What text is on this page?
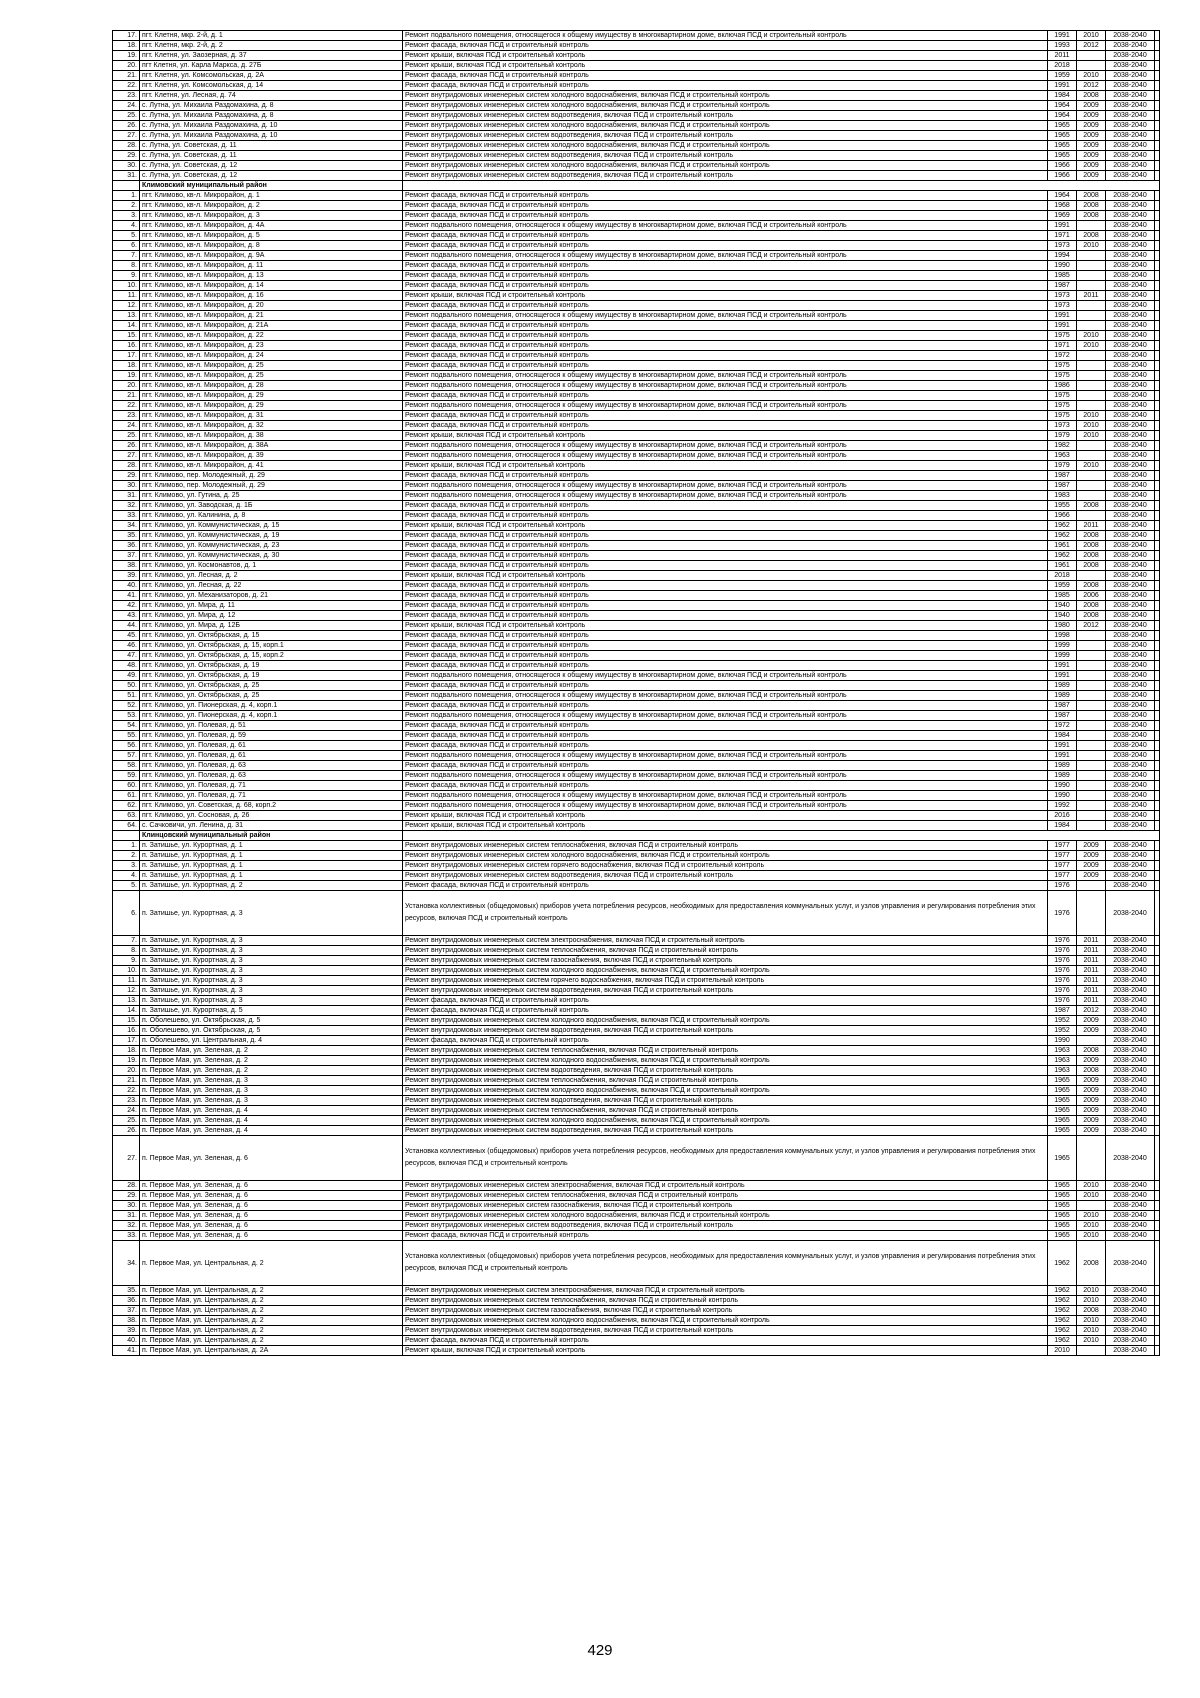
17.	пгт. Клетня, мкр. 2-й, д. 1	Ремонт подвального помещения, относящегося к общему имуществу в многоквартирном доме, включая ПСД и строительный контроль	1991	2010	2038-2040	
18.	пгт. Клетня, мкр. 2-й, д. 2	Ремонт фасада, включая ПСД и строительный контроль	1993	2012	2038-2040	
19.	пгт. Клетня, ул. Заозерная, д. 37	Ремонт крыши, включая ПСД и строительный контроль	2011		2038-2040	
20.	пгт Клетня, ул. Карла Маркса, д. 27Б	Ремонт крыши, включая ПСД и строительный контроль	2018		2038-2040	
21.	пгт. Клетня, ул. Комсомольская, д. 2А	Ремонт фасада, включая ПСД и строительный контроль	1959	2010	2038-2040	
22.	пгт. Клетня, ул. Комсомольская, д. 14	Ремонт фасада, включая ПСД и строительный контроль	1991	2012	2038-2040	
23.	пгт. Клетня, ул. Лесная, д. 74	Ремонт внутридомовых инженерных систем холодного водоснабжения, включая ПСД и строительный контроль	1984	2008	2038-2040	
24.	с. Лутна, ул. Михаила Раздомахина, д. 8	Ремонт внутридомовых инженерных систем холодного водоснабжения, включая ПСД и строительный контроль	1964	2009	2038-2040	
25.	с. Лутна, ул. Михаила Раздомахина, д. 8	Ремонт внутридомовых инженерных систем водоотведения, включая ПСД и строительный контроль	1964	2009	2038-2040	
26.	с. Лутна, ул. Михаила Раздомахина, д. 10	Ремонт внутридомовых инженерных систем холодного водоснабжения, включая ПСД и строительный контроль	1965	2009	2038-2040	
27.	с. Лутна, ул. Михаила Раздомахина, д. 10	Ремонт внутридомовых инженерных систем водоотведения, включая ПСД и строительный контроль	1965	2009	2038-2040	
28.	с. Лутна, ул. Советская, д. 11	Ремонт внутридомовых инженерных систем холодного водоснабжения, включая ПСД и строительный контроль	1965	2009	2038-2040	
29.	с. Лутна, ул. Советская, д. 11	Ремонт внутридомовых инженерных систем водоотведения, включая ПСД и строительный контроль	1965	2009	2038-2040	
30.	с. Лутна, ул. Советская, д. 12	Ремонт внутридомовых инженерных систем холодного водоснабжения, включая ПСД и строительный контроль	1966	2009	2038-2040	
31.	с. Лутна, ул. Советская, д. 12	Ремонт внутридомовых инженерных систем водоотведения, включая ПСД и строительный контроль	1966	2009	2038-2040	
	Климовский муниципальный район					
1.	пгт. Климово, кв-л. Микрорайон, д. 1	Ремонт фасада, включая ПСД и строительный контроль	1964	2008	2038-2040	
2.	пгт. Климово, кв-л. Микрорайон, д. 2	Ремонт фасада, включая ПСД и строительный контроль	1968	2008	2038-2040	
3.	пгт. Климово, кв-л. Микрорайон, д. 3	Ремонт фасада, включая ПСД и строительный контроль	1969	2008	2038-2040	
4.	пгт. Климово, кв-л. Микрорайон, д. 4А	Ремонт подвального помещения, относящегося к общему имуществу в многоквартирном доме, включая ПСД и строительный контроль	1991		2038-2040	
5.	пгт. Климово, кв-л. Микрорайон, д. 5	Ремонт фасада, включая ПСД и строительный контроль	1971	2008	2038-2040	
6.	пгт. Климово, кв-л. Микрорайон, д. 8	Ремонт фасада, включая ПСД и строительный контроль	1973	2010	2038-2040	
7.	пгт. Климово, кв-л. Микрорайон, д. 9А	Ремонт подвального помещения, относящегося к общему имуществу в многоквартирном доме, включая ПСД и строительный контроль	1994		2038-2040	
8.	пгт. Климово, кв-л. Микрорайон, д. 11	Ремонт фасада, включая ПСД и строительный контроль	1990		2038-2040	
9.	пгт. Климово, кв-л. Микрорайон, д. 13	Ремонт фасада, включая ПСД и строительный контроль	1985		2038-2040	
10.	пгт. Климово, кв-л. Микрорайон, д. 14	Ремонт фасада, включая ПСД и строительный контроль	1987		2038-2040	
11.	пгт. Климово, кв-л. Микрорайон, д. 16	Ремонт крыши, включая ПСД и строительный контроль	1973	2011	2038-2040	
12.	пгт. Климово, кв-л. Микрорайон, д. 20	Ремонт фасада, включая ПСД и строительный контроль	1973		2038-2040	
13.	пгт. Климово, кв-л. Микрорайон, д. 21	Ремонт подвального помещения, относящегося к общему имуществу в многоквартирном доме, включая ПСД и строительный контроль	1991		2038-2040	
14.	пгт. Климово, кв-л. Микрорайон, д. 21А	Ремонт фасада, включая ПСД и строительный контроль	1991		2038-2040	
15.	пгт. Климово, кв-л. Микрорайон, д. 22	Ремонт фасада, включая ПСД и строительный контроль	1975	2010	2038-2040	
16.	пгт. Климово, кв-л. Микрорайон, д. 23	Ремонт фасада, включая ПСД и строительный контроль	1971	2010	2038-2040	
17.	пгт. Климово, кв-л. Микрорайон, д. 24	Ремонт фасада, включая ПСД и строительный контроль	1972		2038-2040	
18.	пгт. Климово, кв-л. Микрорайон, д. 25	Ремонт фасада, включая ПСД и строительный контроль	1975		2038-2040	
19.	пгт. Климово, кв-л. Микрорайон, д. 25	Ремонт подвального помещения, относящегося к общему имуществу в многоквартирном доме, включая ПСД и строительный контроль	1975		2038-2040	
20.	пгт. Климово, кв-л. Микрорайон, д. 28	Ремонт подвального помещения, относящегося к общему имуществу в многоквартирном доме, включая ПСД и строительный контроль	1986		2038-2040	
21.	пгт. Климово, кв-л. Микрорайон, д. 29	Ремонт фасада, включая ПСД и строительный контроль	1975		2038-2040	
22.	пгт. Климово, кв-л. Микрорайон, д. 29	Ремонт подвального помещения, относящегося к общему имуществу в многоквартирном доме, включая ПСД и строительный контроль	1975		2038-2040	
23.	пгт. Климово, кв-л. Микрорайон, д. 31	Ремонт фасада, включая ПСД и строительный контроль	1975	2010	2038-2040	
24.	пгт. Климово, кв-л. Микрорайон, д. 32	Ремонт фасада, включая ПСД и строительный контроль	1973	2010	2038-2040	
25.	пгт. Климово, кв-л. Микрорайон, д. 38	Ремонт крыши, включая ПСД и строительный контроль	1979	2010	2038-2040	
26.	пгт. Климово, кв-л. Микрорайон, д. 38А	Ремонт подвального помещения, относящегося к общему имуществу в многоквартирном доме, включая ПСД и строительный контроль	1982		2038-2040	
27.	пгт. Климово, кв-л. Микрорайон, д. 39	Ремонт подвального помещения, относящегося к общему имуществу в многоквартирном доме, включая ПСД и строительный контроль	1963		2038-2040	
28.	пгт. Климово, кв-л. Микрорайон, д. 41	Ремонт крыши, включая ПСД и строительный контроль	1979	2010	2038-2040	
29.	пгт. Климово, пер. Молодежный, д. 29	Ремонт фасада, включая ПСД и строительный контроль	1987		2038-2040	
30.	пгт. Климово, пер. Молодежный, д. 29	Ремонт подвального помещения, относящегося к общему имуществу в многоквартирном доме, включая ПСД и строительный контроль	1987		2038-2040	
31.	пгт. Климово, ул. Гутина, д. 25	Ремонт подвального помещения, относящегося к общему имуществу в многоквартирном доме, включая ПСД и строительный контроль	1983		2038-2040	
32.	пгт. Климово, ул. Заводская, д. 1Б	Ремонт фасада, включая ПСД и строительный контроль	1955	2008	2038-2040	
33.	пгт. Климово, ул. Калинина, д. 8	Ремонт фасада, включая ПСД и строительный контроль	1966		2038-2040	
34.	пгт. Климово, ул. Коммунистическая, д. 15	Ремонт крыши, включая ПСД и строительный контроль	1962	2011	2038-2040	
35.	пгт. Климово, ул. Коммунистическая, д. 19	Ремонт фасада, включая ПСД и строительный контроль	1962	2008	2038-2040	
36.	пгт. Климово, ул. Коммунистическая, д. 23	Ремонт фасада, включая ПСД и строительный контроль	1961	2008	2038-2040	
37.	пгт. Климово, ул. Коммунистическая, д. 30	Ремонт фасада, включая ПСД и строительный контроль	1962	2008	2038-2040	
38.	пгт. Климово, ул. Космонавтов, д. 1	Ремонт фасада, включая ПСД и строительный контроль	1961	2008	2038-2040	
39.	пгт. Климово, ул. Лесная, д. 2	Ремонт крыши, включая ПСД и строительный контроль	2018		2038-2040	
40.	пгт. Климово, ул. Лесная, д. 22	Ремонт фасада, включая ПСД и строительный контроль	1959	2008	2038-2040	
41.	пгт. Климово, ул. Механизаторов, д. 21	Ремонт фасада, включая ПСД и строительный контроль	1985	2006	2038-2040	
42.	пгт. Климово, ул. Мира, д. 11	Ремонт фасада, включая ПСД и строительный контроль	1940	2008	2038-2040	
43.	пгт. Климово, ул. Мира, д. 12	Ремонт фасада, включая ПСД и строительный контроль	1940	2008	2038-2040	
44.	пгт. Климово, ул. Мира, д. 12Б	Ремонт крыши, включая ПСД и строительный контроль	1980	2012	2038-2040	
45.	пгт. Климово, ул. Октябрьская, д. 15	Ремонт фасада, включая ПСД и строительный контроль	1998		2038-2040	
46.	пгт. Климово, ул. Октябрьская, д. 15, корп.1	Ремонт фасада, включая ПСД и строительный контроль	1999		2038-2040	
47.	пгт. Климово, ул. Октябрьская, д. 15, корп.2	Ремонт фасада, включая ПСД и строительный контроль	1999		2038-2040	
48.	пгт. Климово, ул. Октябрьская, д. 19	Ремонт фасада, включая ПСД и строительный контроль	1991		2038-2040	
49.	пгт. Климово, ул. Октябрьская, д. 19	Ремонт подвального помещения, относящегося к общему имуществу в многоквартирном доме, включая ПСД и строительный контроль	1991		2038-2040	
50.	пгт. Климово, ул. Октябрьская, д. 25	Ремонт фасада, включая ПСД и строительный контроль	1989		2038-2040	
51.	пгт. Климово, ул. Октябрьская, д. 25	Ремонт подвального помещения, относящегося к общему имуществу в многоквартирном доме, включая ПСД и строительный контроль	1989		2038-2040	
52.	пгт. Климово, ул. Пионерская, д. 4, корп.1	Ремонт фасада, включая ПСД и строительный контроль	1987		2038-2040	
53.	пгт. Климово, ул. Пионерская, д. 4, корп.1	Ремонт подвального помещения, относящегося к общему имуществу в многоквартирном доме, включая ПСД и строительный контроль	1987		2038-2040	
54.	пгт. Климово, ул. Полевая, д. 51	Ремонт фасада, включая ПСД и строительный контроль	1972		2038-2040	
55.	пгт. Климово, ул. Полевая, д. 59	Ремонт фасада, включая ПСД и строительный контроль	1984		2038-2040	
56.	пгт. Климово, ул. Полевая, д. 61	Ремонт фасада, включая ПСД и строительный контроль	1991		2038-2040	
57.	пгт. Климово, ул. Полевая, д. 61	Ремонт подвального помещения, относящегося к общему имуществу в многоквартирном доме, включая ПСД и строительный контроль	1991		2038-2040	
58.	пгт. Климово, ул. Полевая, д. 63	Ремонт фасада, включая ПСД и строительный контроль	1989		2038-2040	
59.	пгт. Климово, ул. Полевая, д. 63	Ремонт подвального помещения, относящегося к общему имуществу в многоквартирном доме, включая ПСД и строительный контроль	1989		2038-2040	
60.	пгт. Климово, ул. Полевая, д. 71	Ремонт фасада, включая ПСД и строительный контроль	1990		2038-2040	
61.	пгт. Климово, ул. Полевая, д. 71	Ремонт подвального помещения, относящегося к общему имуществу в многоквартирном доме, включая ПСД и строительный контроль	1990		2038-2040	
62.	пгт. Климово, ул. Советская, д. 68, корп.2	Ремонт подвального помещения, относящегося к общему имуществу в многоквартирном доме, включая ПСД и строительный контроль	1992		2038-2040	
63.	пгт. Климово, ул. Сосновая, д. 26	Ремонт крыши, включая ПСД и строительный контроль	2016		2038-2040	
64.	с. Сачковичи, ул. Ленина, д. 31	Ремонт крыши, включая ПСД и строительный контроль	1984		2038-2040	
	Клинцовский муниципальный район					
1.	п. Затишье, ул. Курортная, д. 1	Ремонт внутридомовых инженерных систем теплоснабжения, включая ПСД и строительный контроль	1977	2009	2038-2040	
2.	п. Затишье, ул. Курортная, д. 1	Ремонт внутридомовых инженерных систем холодного водоснабжения, включая ПСД и строительный контроль	1977	2009	2038-2040	
3.	п. Затишье, ул. Курортная, д. 1	Ремонт внутридомовых инженерных систем горячего водоснабжения, включая ПСД и строительный контроль	1977	2009	2038-2040	
4.	п. Затишье, ул. Курортная, д. 1	Ремонт внутридомовых инженерных систем водоотведения, включая ПСД и строительный контроль	1977	2009	2038-2040	
5.	п. Затишье, ул. Курортная, д. 2	Ремонт фасада, включая ПСД и строительный контроль	1976		2038-2040	
6.	п. Затишье, ул. Курортная, д. 3	Установка коллективных (общедомовых) приборов учета потребления ресурсов, необходимых для предоставления коммунальных услуг, и узлов управления и регулирования потребления этих ресурсов, включая ПСД и строительный контроль	1976		2038-2040	
7.	п. Затишье, ул. Курортная, д. 3	Ремонт внутридомовых инженерных систем электроснабжения, включая ПСД и строительный контроль	1976	2011	2038-2040	
8.	п. Затишье, ул. Курортная, д. 3	Ремонт внутридомовых инженерных систем теплоснабжения, включая ПСД и строительный контроль	1976	2011	2038-2040	
9.	п. Затишье, ул. Курортная, д. 3	Ремонт внутридомовых инженерных систем газоснабжения, включая ПСД и строительный контроль	1976	2011	2038-2040	
10.	п. Затишье, ул. Курортная, д. 3	Ремонт внутридомовых инженерных систем холодного водоснабжения, включая ПСД и строительный контроль	1976	2011	2038-2040	
11.	п. Затишье, ул. Курортная, д. 3	Ремонт внутридомовых инженерных систем горячего водоснабжения, включая ПСД и строительный контроль	1976	2011	2038-2040	
12.	п. Затишье, ул. Курортная, д. 3	Ремонт внутридомовых инженерных систем водоотведения, включая ПСД и строительный контроль	1976	2011	2038-2040	
13.	п. Затишье, ул. Курортная, д. 3	Ремонт фасада, включая ПСД и строительный контроль	1976	2011	2038-2040	
14.	п. Затишье, ул. Курортная, д. 5	Ремонт фасада, включая ПСД и строительный контроль	1987	2012	2038-2040	
15.	п. Оболешево, ул. Октябрьская, д. 5	Ремонт внутридомовых инженерных систем холодного водоснабжения, включая ПСД и строительный контроль	1952	2009	2038-2040	
16.	п. Оболешево, ул. Октябрьская, д. 5	Ремонт внутридомовых инженерных систем водоотведения, включая ПСД и строительный контроль	1952	2009	2038-2040	
17.	п. Оболешево, ул. Центральная, д. 4	Ремонт фасада, включая ПСД и строительный контроль	1990		2038-2040	
18.	п. Первое Мая, ул. Зеленая, д. 2	Ремонт внутридомовых инженерных систем теплоснабжения, включая ПСД и строительный контроль	1963	2008	2038-2040	
19.	п. Первое Мая, ул. Зеленая, д. 2	Ремонт внутридомовых инженерных систем холодного водоснабжения, включая ПСД и строительный контроль	1963	2009	2038-2040	
20.	п. Первое Мая, ул. Зеленая, д. 2	Ремонт внутридомовых инженерных систем водоотведения, включая ПСД и строительный контроль	1963	2008	2038-2040	
21.	п. Первое Мая, ул. Зеленая, д. 3	Ремонт внутридомовых инженерных систем теплоснабжения, включая ПСД и строительный контроль	1965	2009	2038-2040	
22.	п. Первое Мая, ул. Зеленая, д. 3	Ремонт внутридомовых инженерных систем холодного водоснабжения, включая ПСД и строительный контроль	1965	2009	2038-2040	
23.	п. Первое Мая, ул. Зеленая, д. 3	Ремонт внутридомовых инженерных систем водоотведения, включая ПСД и строительный контроль	1965	2009	2038-2040	
24.	п. Первое Мая, ул. Зеленая, д. 4	Ремонт внутридомовых инженерных систем теплоснабжения, включая ПСД и строительный контроль	1965	2009	2038-2040	
25.	п. Первое Мая, ул. Зеленая, д. 4	Ремонт внутридомовых инженерных систем холодного водоснабжения, включая ПСД и строительный контроль	1965	2009	2038-2040	
26.	п. Первое Мая, ул. Зеленая, д. 4	Ремонт внутридомовых инженерных систем водоотведения, включая ПСД и строительный контроль	1965	2009	2038-2040	
27.	п. Первое Мая, ул. Зеленая, д. 6	Установка коллективных (общедомовых) приборов учета потребления ресурсов, необходимых для предоставления коммунальных услуг, и узлов управления и регулирования потребления этих ресурсов, включая ПСД и строительный контроль	1965		2038-2040	
28.	п. Первое Мая, ул. Зеленая, д. 6	Ремонт внутридомовых инженерных систем электроснабжения, включая ПСД и строительный контроль	1965	2010	2038-2040	
29.	п. Первое Мая, ул. Зеленая, д. 6	Ремонт внутридомовых инженерных систем теплоснабжения, включая ПСД и строительный контроль	1965	2010	2038-2040	
30.	п. Первое Мая, ул. Зеленая, д. 6	Ремонт внутридомовых инженерных систем газоснабжения, включая ПСД и строительный контроль	1965		2038-2040	
31.	п. Первое Мая, ул. Зеленая, д. 6	Ремонт внутридомовых инженерных систем холодного водоснабжения, включая ПСД и строительный контроль	1965	2010	2038-2040	
32.	п. Первое Мая, ул. Зеленая, д. 6	Ремонт внутридомовых инженерных систем водоотведения, включая ПСД и строительный контроль	1965	2010	2038-2040	
33.	п. Первое Мая, ул. Зеленая, д. 6	Ремонт фасада, включая ПСД и строительный контроль	1965	2010	2038-2040	
34.	п. Первое Мая, ул. Центральная, д. 2	Установка коллективных (общедомовых) приборов учета потребления ресурсов, необходимых для предоставления коммунальных услуг, и узлов управления и регулирования потребления этих ресурсов, включая ПСД и строительный контроль	1962	2008	2038-2040	
35.	п. Первое Мая, ул. Центральная, д. 2	Ремонт внутридомовых инженерных систем электроснабжения, включая ПСД и строительный контроль	1962	2010	2038-2040	
36.	п. Первое Мая, ул. Центральная, д. 2	Ремонт внутридомовых инженерных систем теплоснабжения, включая ПСД и строительный контроль	1962	2010	2038-2040	
37.	п. Первое Мая, ул. Центральная, д. 2	Ремонт внутридомовых инженерных систем газоснабжения, включая ПСД и строительный контроль	1962	2008	2038-2040	
38.	п. Первое Мая, ул. Центральная, д. 2	Ремонт внутридомовых инженерных систем холодного водоснабжения, включая ПСД и строительный контроль	1962	2010	2038-2040	
39.	п. Первое Мая, ул. Центральная, д. 2	Ремонт внутридомовых инженерных систем водоотведения, включая ПСД и строительный контроль	1962	2010	2038-2040	
40.	п. Первое Мая, ул. Центральная, д. 2	Ремонт фасада, включая ПСД и строительный контроль	1962	2010	2038-2040	
41.	п. Первое Мая, ул. Центральная, д. 2А	Ремонт крыши, включая ПСД и строительный контроль	2010		2038-2040	
429
